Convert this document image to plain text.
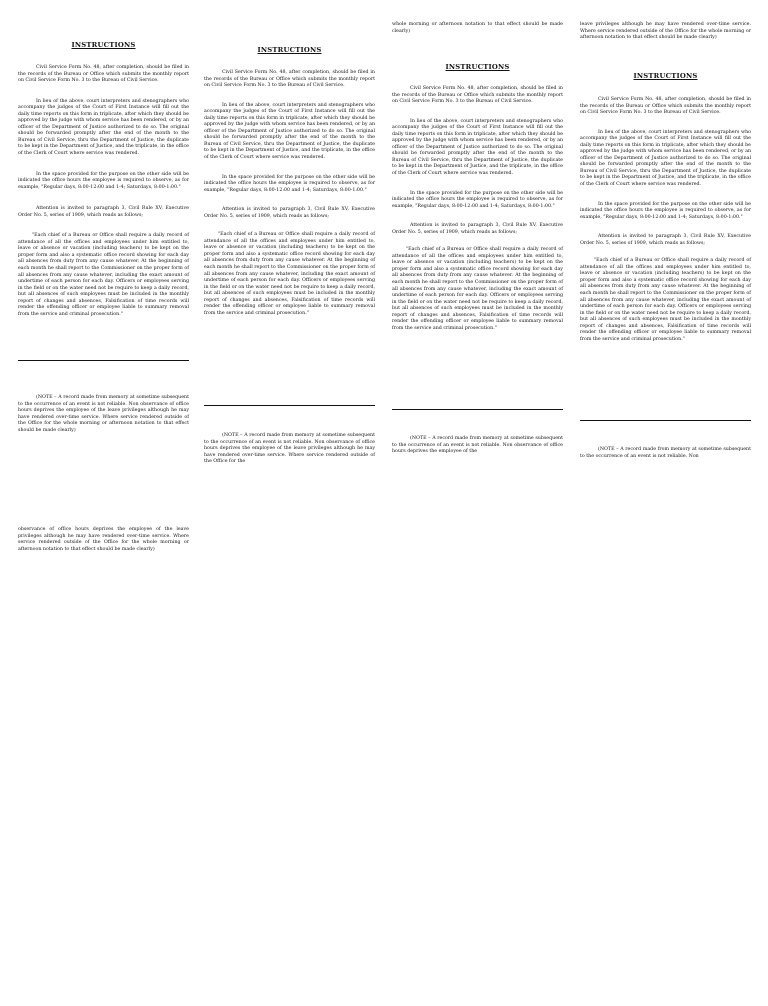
INSTRUCTIONS

Civil Service Form No. 48, after completion, should be filed in the records of the Bureau or Office which submits the monthly report on Civil Service Form No. 3 to the Bureau of Civil Service.

In lieu of the above, court interpreters and stenographers who accompany the judges of the Court of First Instance will fill out the daily time reports on this form in triplicate, after which they should be approved by the judge with whom service has been rendered, or by an officer of the Department of Justice authorized to do so. The original should be forwarded promptly after the end of the month to the Bureau of Civil Service, thru the Department of Justice, the duplicate to be kept in the Department of Justice, and the triplicate, in the office of the Clerk of Court where service was rendered.

In the space provided for the purpose on the other side will be indicated the office hours the employee is required to observe, as for example, "Regular days, 8:00-12:00 and 1-4; Saturdays, 8:00-1:00."

Attention is invited to paragraph 3, Civil Rule XV, Executive Order No. 5, series of 1909, which reads as follows;

"Each chief of a Bureau or Office shall require a daily record of attendance of all the offices and employees under him entitled to, leave or absence or vacation (including teachers) to be kept on the proper form and also a systematic office record showing for each day all absences from duty from any cause whatever. At the beginning of each month he shall report to the Commissioner on the proper form of all absences from any cause whatever, including the exact amount of undertime of each person for each day. Officers or employees serving in the field or on the water need not be require to keep a daily record, but all absences of such employees must be included in the monthly report of changes and absences, Falsification of time records will render the offending officer or employee liable to summary removal from the service and criminal prosecution."

(NOTE – A record made from memory at sometime subsequent to the occurrence of an event is not reliable. Non observance of office hours deprives the employee of the leave privileges although he may have rendered over-time service. Where service rendered outside of the Office for the whole morning or afternoon notation to that effect should be made clearly)

observance of office hours deprives the employee of the leave privileges although he may have rendered over-time service. Where service rendered outside of the Office for the whole morning or afternoon notation to that effect should be made clearly)

INSTRUCTIONS

Civil Service Form No. 48, after completion, should be filed in the records of the Bureau or Office which submits the monthly report on Civil Service Form No. 3 to the Bureau of Civil Service.

In lieu of the above, court interpreters and stenographers who accompany the judges of the Court of First Instance will fill out the daily time reports on this form in triplicate, after which they should be approved by the judge with whom service has been rendered, or by an officer of the Department of Justice authorized to do so. The original should be forwarded promptly after the end of the month to the Bureau of Civil Service, thru the Department of Justice, the duplicate to be kept in the Department of Justice, and the triplicate, in the office of the Clerk of Court where service was rendered.

In the space provided for the purpose on the other side will be indicated the office hours the employee is required to observe, as for example, "Regular days, 8:00-12:00 and 1-4; Saturdays, 8:00-1:00."

Attention is invited to paragraph 3, Civil Rule XV, Executive Order No. 5, series of 1909, which reads as follows;

"Each chief of a Bureau or Office shall require a daily record of attendance of all the offices and employees under him entitled to, leave or absence or vacation (including teachers) to be kept on the proper form and also a systematic office record showing for each day all absences from duty from any cause whatever. At the beginning of each month he shall report to the Commissioner on the proper form of all absences from any cause whatever, including the exact amount of undertime of each person for each day. Officers or employees serving in the field or on the water need not be require to keep a daily record, but all absences of such employees must be included in the monthly report of changes and absences, Falsification of time records will render the offending officer or employee liable to summary removal from the service and criminal prosecution."

(NOTE – A record made from memory at sometime subsequent to the occurrence of an event is not reliable. Non observance of office hours deprives the employee of the leave privileges although he may have rendered over-time service. Where service rendered outside of the Office for the

whole morning or afternoon notation to that effect should be made clearly)

INSTRUCTIONS

Civil Service Form No. 48, after completion, should be filed in the records of the Bureau or Office which submits the monthly report on Civil Service Form No. 3 to the Bureau of Civil Service.

In lieu of the above, court interpreters and stenographers who accompany the judges of the Court of First Instance will fill out the daily time reports on this form in triplicate, after which they should be approved by the judge with whom service has been rendered, or by an officer of the Department of Justice authorized to do so. The original should be forwarded promptly after the end of the month to the Bureau of Civil Service, thru the Department of Justice, the duplicate to be kept in the Department of Justice, and the triplicate, in the office of the Clerk of Court where service was rendered.

In the space provided for the purpose on the other side will be indicated the office hours the employee is required to observe, as for example, "Regular days, 8:00-12:00 and 1-4; Saturdays, 8:00-1:00."

Attention is invited to paragraph 3, Civil Rule XV, Executive Order No. 5, series of 1909, which reads as follows;

"Each chief of a Bureau or Office shall require a daily record of attendance of all the offices and employees under him entitled to, leave or absence or vacation (including teachers) to be kept on the proper form and also a systematic office record showing for each day all absences from duty from any cause whatever. At the beginning of each month he shall report to the Commissioner on the proper form of all absences from any cause whatever, including the exact amount of undertime of each person for each day. Officers or employees serving in the field or on the water need not be require to keep a daily record, but all absences of such employees must be included in the monthly report of changes and absences, Falsification of time records will render the offending officer or employee liable to summary removal from the service and criminal prosecution."

(NOTE – A record made from memory at sometime subsequent to the occurrence of an event is not reliable. Non observance of office hours deprives the employee of the

leave privileges although he may have rendered over-time service. Where service rendered outside of the Office for the whole morning or afternoon notation to that effect should be made clearly)

INSTRUCTIONS

Civil Service Form No. 48, after completion, should be filed in the records of the Bureau or Office which submits the monthly report on Civil Service Form No. 3 to the Bureau of Civil Service.

In lieu of the above, court interpreters and stenographers who accompany the judges of the Court of First Instance will fill out the daily time reports on this form in triplicate, after which they should be approved by the judge with whom service has been rendered, or by an officer of the Department of Justice authorized to do so. The original should be forwarded promptly after the end of the month to the Bureau of Civil Service, thru the Department of Justice, the duplicate to be kept in the Department of Justice, and the triplicate, in the office of the Clerk of Court where service was rendered.

In the space provided for the purpose on the other side will be indicated the office hours the employee is required to observe, as for example, "Regular days, 8:00-12:00 and 1-4; Saturdays, 8:00-1:00."

Attention is invited to paragraph 3, Civil Rule XV, Executive Order No. 5, series of 1909, which reads as follows;

"Each chief of a Bureau or Office shall require a daily record of attendance of all the offices and employees under him entitled to, leave or absence or vacation (including teachers) to be kept on the proper form and also a systematic office record showing for each day all absences from duty from any cause whatever. At the beginning of each month he shall report to the Commissioner on the proper form of all absences from any cause whatever, including the exact amount of undertime of each person for each day. Officers or employees serving in the field or on the water need not be require to keep a daily record, but all absences of such employees must be included in the monthly report of changes and absences, Falsification of time records will render the offending officer or employee liable to summary removal from the service and criminal prosecution."

(NOTE – A record made from memory at sometime subsequent to the occurrence of an event is not reliable. Non
